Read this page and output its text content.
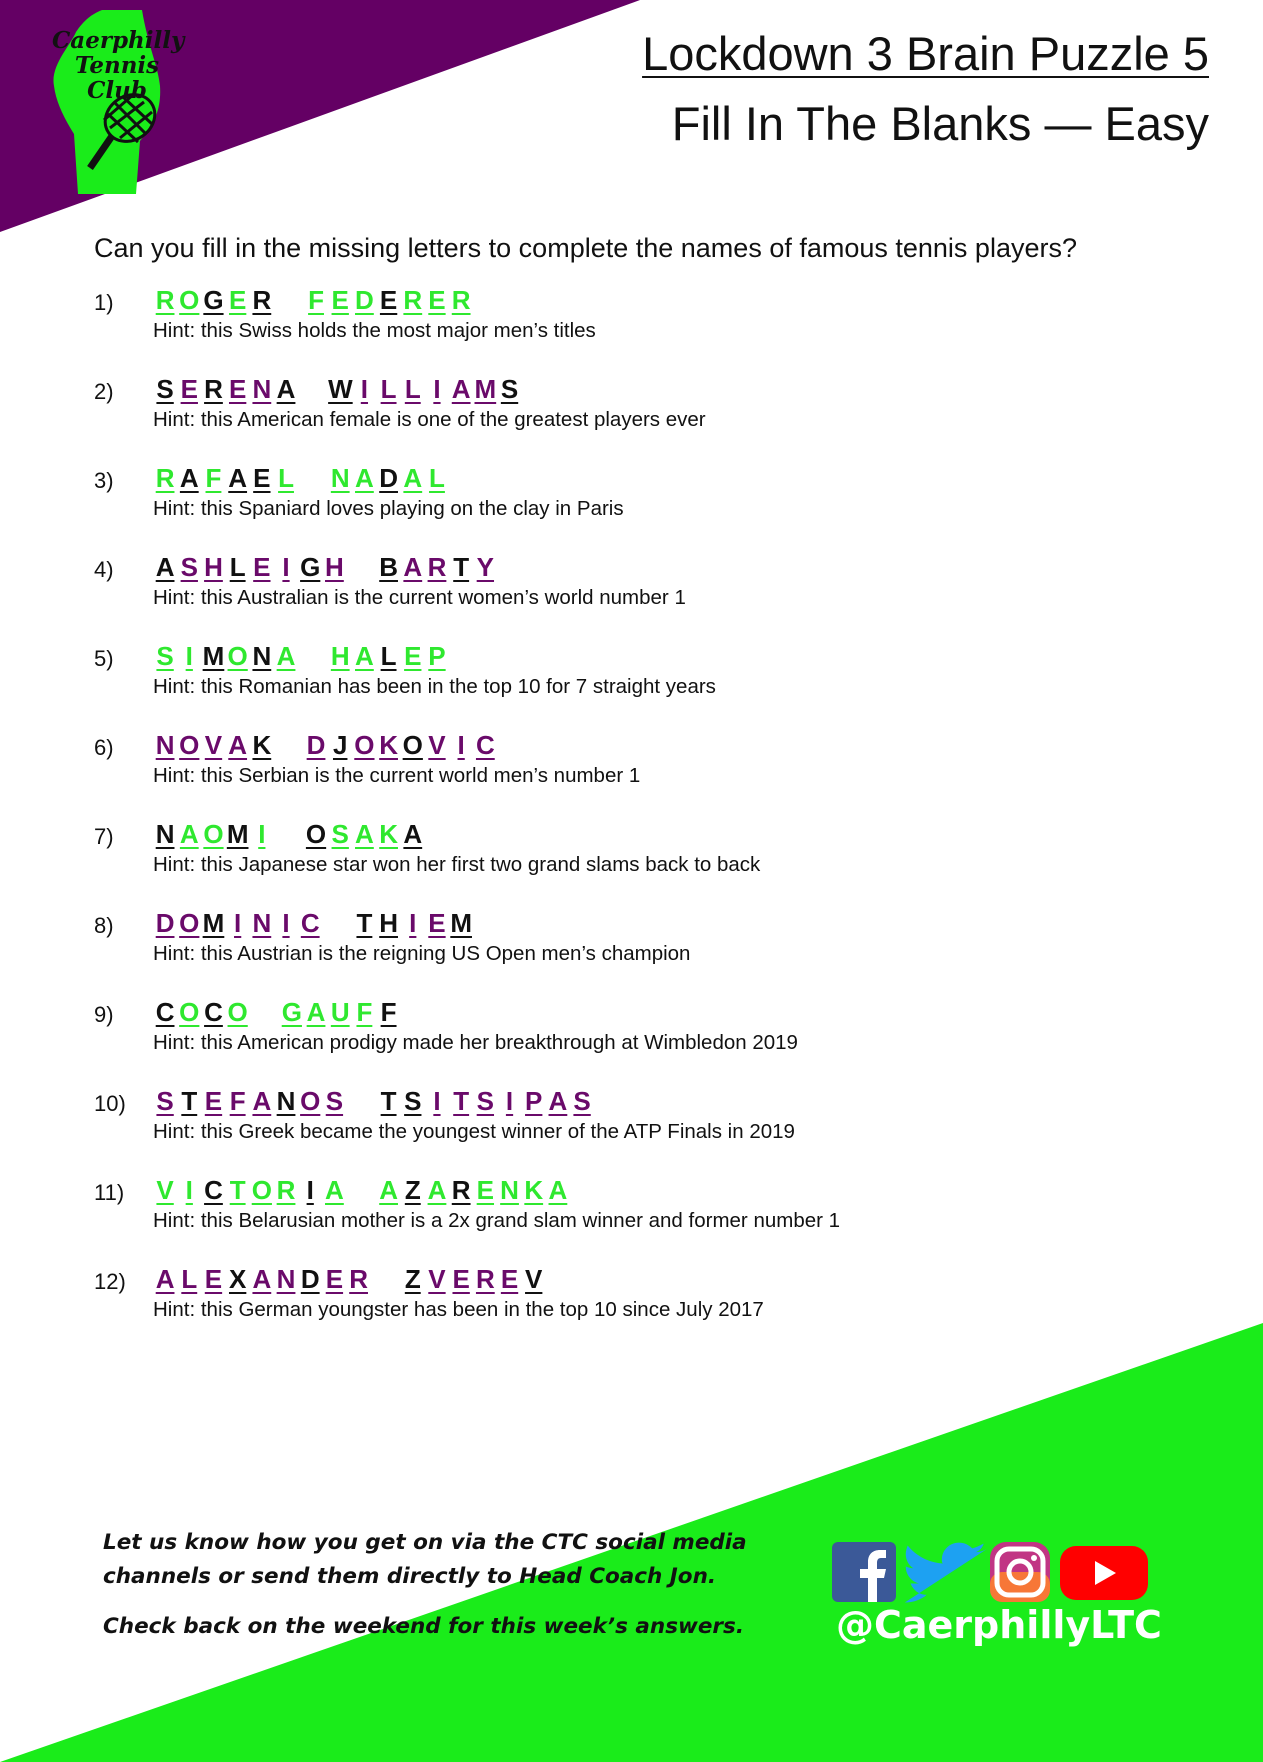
Caerphilly
Tennis Club
Lockdown 3 Brain Puzzle 5
Fill In The Blanks — Easy
Can you fill in the missing letters to complete the names of famous tennis players?
1) R O G E R F E D E R E R
Hint: this Swiss holds the most major men’s titles
2) S E R E N A W I L L I A M S
Hint: this American female is one of the greatest players ever
3) R A F A E L N A D A L
Hint: this Spaniard loves playing on the clay in Paris
4) A S H L E I G H B A R T Y
Hint: this Australian is the current women’s world number 1
5) S I M O N A H A L E P
Hint: this Romanian has been in the top 10 for 7 straight years
6) N O V A K D J O K O V I C
Hint: this Serbian is the current world men’s number 1
7) N A O M I O S A K A
Hint: this Japanese star won her first two grand slams back to back
8) D O M I N I C T H I E M
Hint: this Austrian is the reigning US Open men’s champion
9) C O C O G A U F F
Hint: this American prodigy made her breakthrough at Wimbledon 2019
10) S T E F A N O S T S I T S I P A S
Hint: this Greek became the youngest winner of the ATP Finals in 2019
11) V I C T O R I A A Z A R E N K A
Hint: this Belarusian mother is a 2x grand slam winner and former number 1
12) A L E X A N D E R Z V E R E V
Hint: this German youngster has been in the top 10 since July 2017
Let us know how you get on via the CTC social media
channels or send them directly to Head Coach Jon.
Check back on the weekend for this week’s answers. @CaerphillyLTC
